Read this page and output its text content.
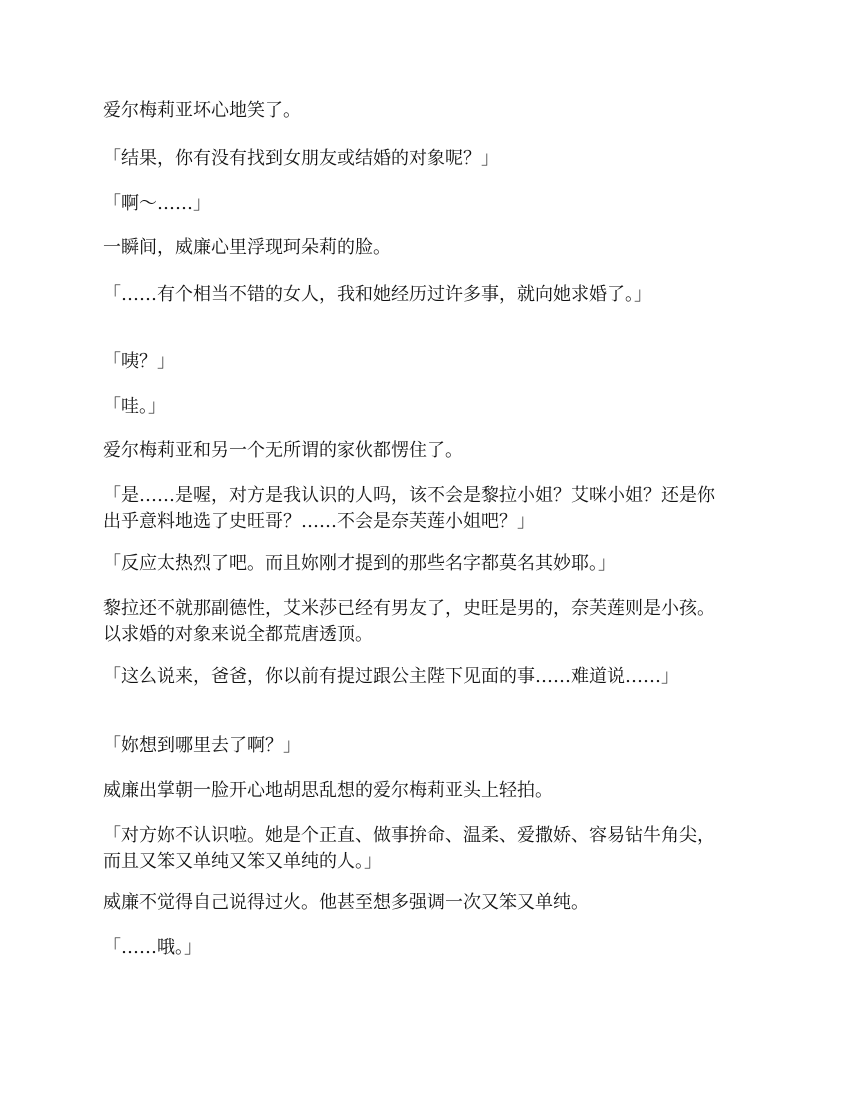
爱尔梅莉亚坏心地笑了。

「结果，你有没有找到女朋友或结婚的对象呢？」

「啊～……」

一瞬间，威廉心里浮现珂朵莉的脸。

「……有个相当不错的女人，我和她经历过许多事，就向她求婚了。」

「咦？」

「哇。」

爱尔梅莉亚和另一个无所谓的家伙都愣住了。

「是……是喔，对方是我认识的人吗，该不会是黎拉小姐？艾咪小姐？还是你出乎意料地选了史旺哥？……不会是奈芙莲小姐吧？」

「反应太热烈了吧。而且妳刚才提到的那些名字都莫名其妙耶。」

黎拉还不就那副德性，艾米莎已经有男友了，史旺是男的，奈芙莲则是小孩。以求婚的对象来说全都荒唐透顶。

「这么说来，爸爸，你以前有提过跟公主陛下见面的事……难道说……」

「妳想到哪里去了啊？」

威廉出掌朝一脸开心地胡思乱想的爱尔梅莉亚头上轻拍。

「对方妳不认识啦。她是个正直、做事拚命、温柔、爱撒娇、容易钻牛角尖，而且又笨又单纯又笨又单纯的人。」

威廉不觉得自己说得过火。他甚至想多强调一次又笨又单纯。

「……哦。」
